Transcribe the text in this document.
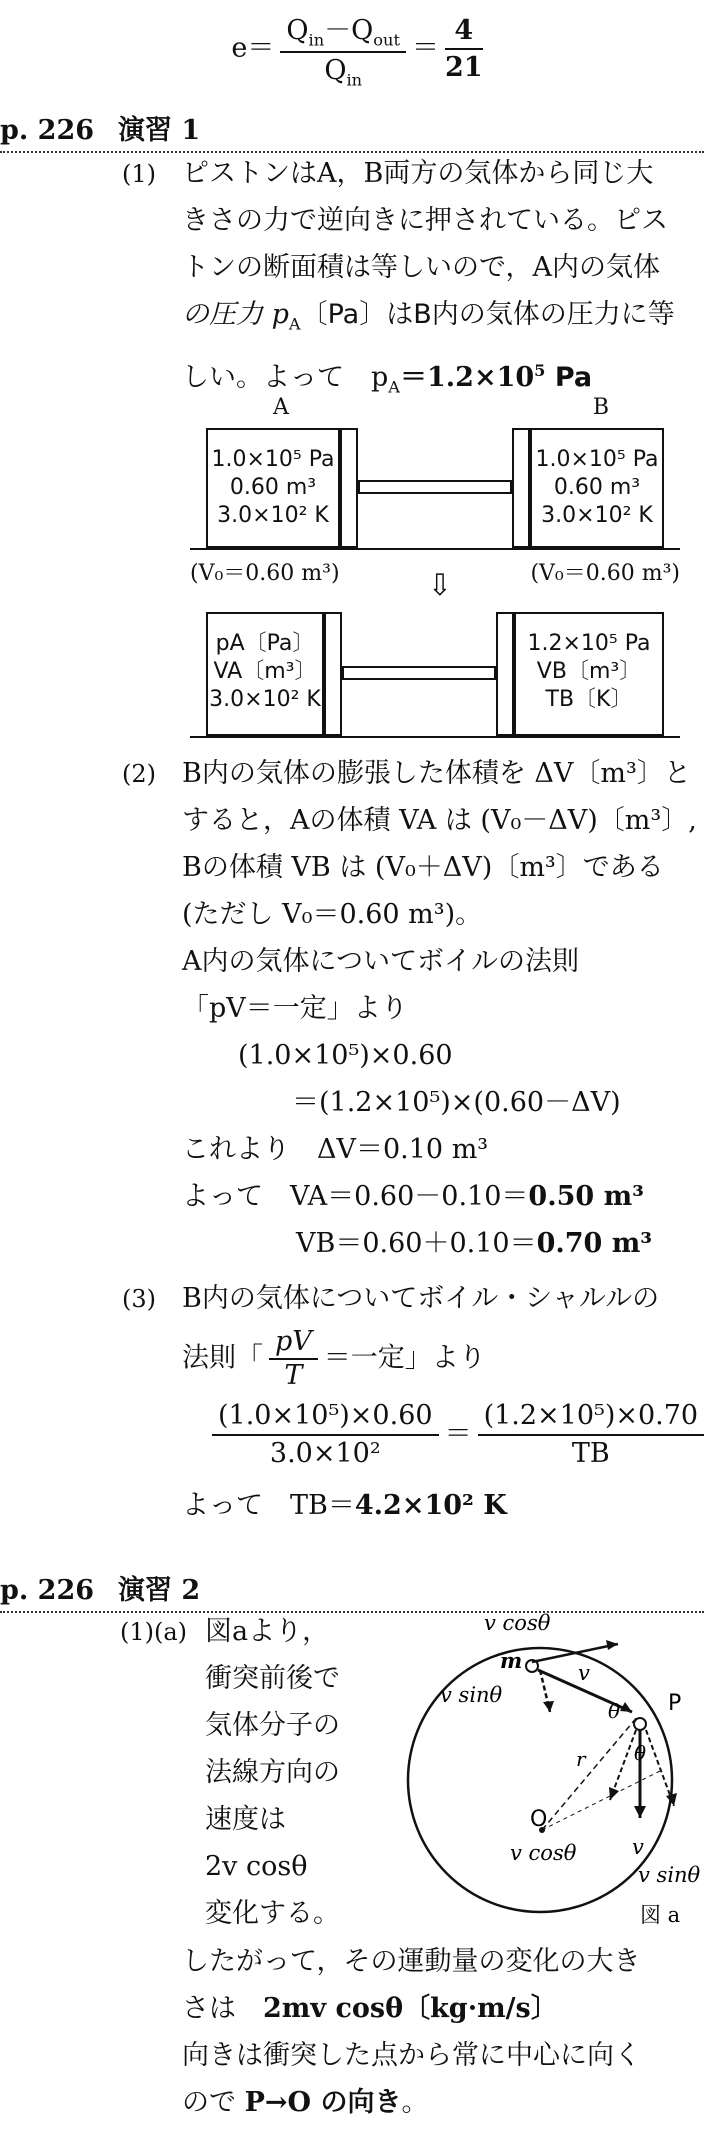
$e= \frac{Q_{in}-Q_{out}}{Q_{in}} = \frac{4}{21}$
p. 226 演習 1
(1) ピストンはA，B両方の気体から同じ大
きさの力で逆向きに押されている。ピス
トンの断面積は等しいので，A内の気体
の圧力 $p_A$〔Pa〕はB内の気体の圧力に等
しい。よって　$p_A=1.2\times 10^5$ Pa
A	B
1.0×10⁵ Pa
0.60 m³
3.0×10² K
1.0×10⁵ Pa
0.60 m³
3.0×10² K
(V₀＝0.60 m³)	(V₀＝0.60 m³)
⇩
pA〔Pa〕
VA〔m³〕
3.0×10² K
1.2×10⁵ Pa
VB〔m³〕
TB〔K〕
(2) B内の気体の膨張した体積を ΔV〔m³〕と
すると，Aの体積 VA は (V₀－ΔV)〔m³〕,
Bの体積 VB は (V₀＋ΔV)〔m³〕である
(ただし V₀＝0.60 m³)。
A内の気体についてボイルの法則
「pV＝一定」より
(1.0×10⁵)×0.60
＝(1.2×10⁵)×(0.60－ΔV)
これより　ΔV＝0.10 m³
よって　VA＝0.60－0.10＝0.50 m³
VB＝0.60＋0.10＝0.70 m³
(3) B内の気体についてボイル・シャルルの
法則「 $\frac{pV}{T}$ ＝一定」より
$\frac{\text{(1.0×10⁵)×0.60}}{\text{3.0×10²}} = \frac{\text{(1.2×10⁵)×0.70}}{TB}$
よって　TB＝4.2×10² K
p. 226 演習 2
(1)(a) 図aより，
衝突前後で
気体分子の
法線方向の
速度は
2v cosθ
変化する。
v cosθ
m	v
v sinθ	P
θ
θ
r
O
v cosθ	v
v sinθ
図 a
したがって，その運動量の変化の大き
さは　2mv cosθ〔kg·m/s〕
向きは衝突した点から常に中心に向く
ので P→O の向き。
